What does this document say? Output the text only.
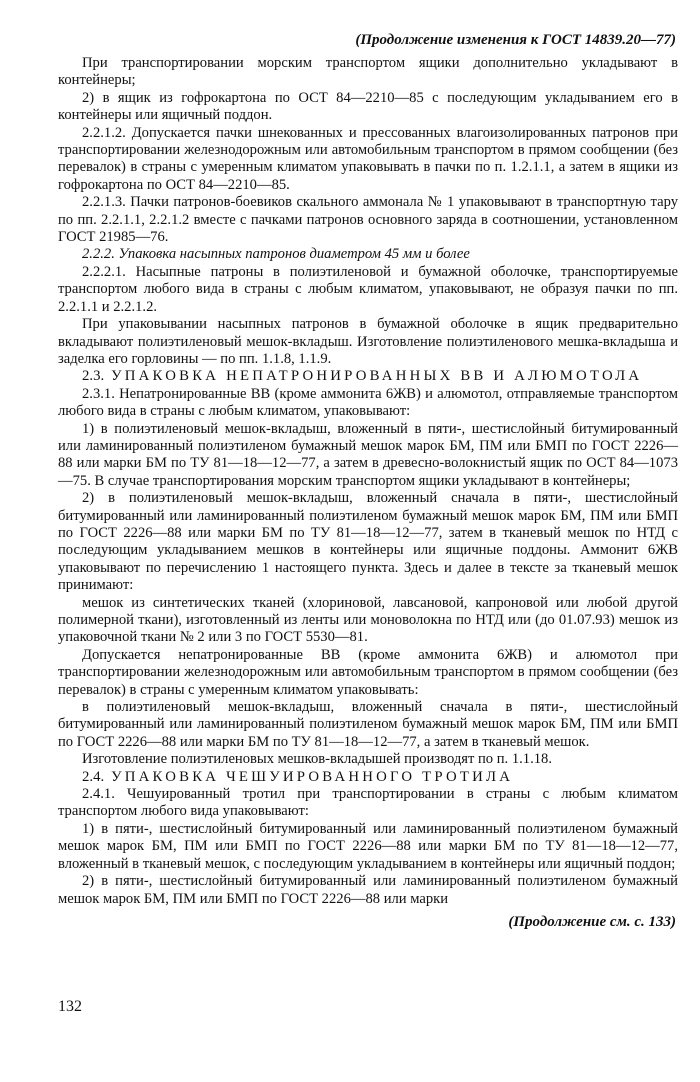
(Продолжение изменения к ГОСТ 14839.20—77)

При транспортировании морским транспортом ящики дополнительно укладывают в контейнеры;

2) в ящик из гофрокартона по ОСТ 84—2210—85 с последующим укладыванием его в контейнеры или ящичный поддон.

2.2.1.2. Допускается пачки шнекованных и прессованных влагоизолированных патронов при транспортировании железнодорожным или автомобильным транспортом в прямом сообщении (без перевалок) в страны с умеренным климатом упаковывать в пачки по п. 1.2.1.1, а затем в ящики из гофрокартона по ОСТ 84—2210—85.

2.2.1.3. Пачки патронов-боевиков скального аммонала № 1 упаковывают в транспортную тару по пп. 2.2.1.1, 2.2.1.2 вместе с пачками патронов основного заряда в соотношении, установленном ГОСТ 21985—76.

2.2.2. Упаковка насыпных патронов диаметром 45 мм и более

2.2.2.1. Насыпные патроны в полиэтиленовой и бумажной оболочке, транспортируемые транспортом любого вида в страны с любым климатом, упаковывают, не образуя пачки по пп. 2.2.1.1 и 2.2.1.2.

При упаковывании насыпных патронов в бумажной оболочке в ящик предварительно вкладывают полиэтиленовый мешок-вкладыш. Изготовление полиэтиленового мешка-вкладыша и заделка его горловины — по пп. 1.1.8, 1.1.9.

2.3. УПАКОВКА НЕПАТРОНИРОВАННЫХ ВВ И АЛЮМОТОЛА

2.3.1. Непатронированные ВВ (кроме аммонита 6ЖВ) и алюмотол, отправляемые транспортом любого вида в страны с любым климатом, упаковывают:

1) в полиэтиленовый мешок-вкладыш, вложенный в пяти-, шестислойный битумированный или ламинированный полиэтиленом бумажный мешок марок БМ, ПМ или БМП по ГОСТ 2226—88 или марки БМ по ТУ 81—18—12—77, а затем в древесно-волокнистый ящик по ОСТ 84—1073—75. В случае транспортирования морским транспортом ящики укладывают в контейнеры;

2) в полиэтиленовый мешок-вкладыш, вложенный сначала в пяти-, шестислойный битумированный или ламинированный полиэтиленом бумажный мешок марок БМ, ПМ или БМП по ГОСТ 2226—88 или марки БМ по ТУ 81—18—12—77, затем в тканевый мешок по НТД с последующим укладыванием мешков в контейнеры или ящичные поддоны. Аммонит 6ЖВ упаковывают по перечислению 1 настоящего пункта. Здесь и далее в тексте за тканевый мешок принимают:

мешок из синтетических тканей (хлориновой, лавсановой, капроновой или любой другой полимерной ткани), изготовленный из ленты или моноволокна по НТД или (до 01.07.93) мешок из упаковочной ткани № 2 или 3 по ГОСТ 5530—81.

Допускается непатронированные ВВ (кроме аммонита 6ЖВ) и алюмотол при транспортировании железнодорожным или автомобильным транспортом в прямом сообщении (без перевалок) в страны с умеренным климатом упаковывать:

в полиэтиленовый мешок-вкладыш, вложенный сначала в пяти-, шестислойный битумированный или ламинированный полиэтиленом бумажный мешок марок БМ, ПМ или БМП по ГОСТ 2226—88 или марки БМ по ТУ 81—18—12—77, а затем в тканевый мешок.

Изготовление полиэтиленовых мешков-вкладышей производят по п. 1.1.18.

2.4. УПАКОВКА ЧЕШУИРОВАННОГО ТРОТИЛА

2.4.1. Чешуированный тротил при транспортировании в страны с любым климатом транспортом любого вида упаковывают:

1) в пяти-, шестислойный битумированный или ламинированный полиэтиленом бумажный мешок марок БМ, ПМ или БМП по ГОСТ 2226—88 или марки БМ по ТУ 81—18—12—77, вложенный в тканевый мешок, с последующим укладыванием в контейнеры или ящичный поддон;

2) в пяти-, шестислойный битумированный или ламинированный полиэтиленом бумажный мешок марок БМ, ПМ или БМП по ГОСТ 2226—88 или марки

(Продолжение см. с. 133)
132
